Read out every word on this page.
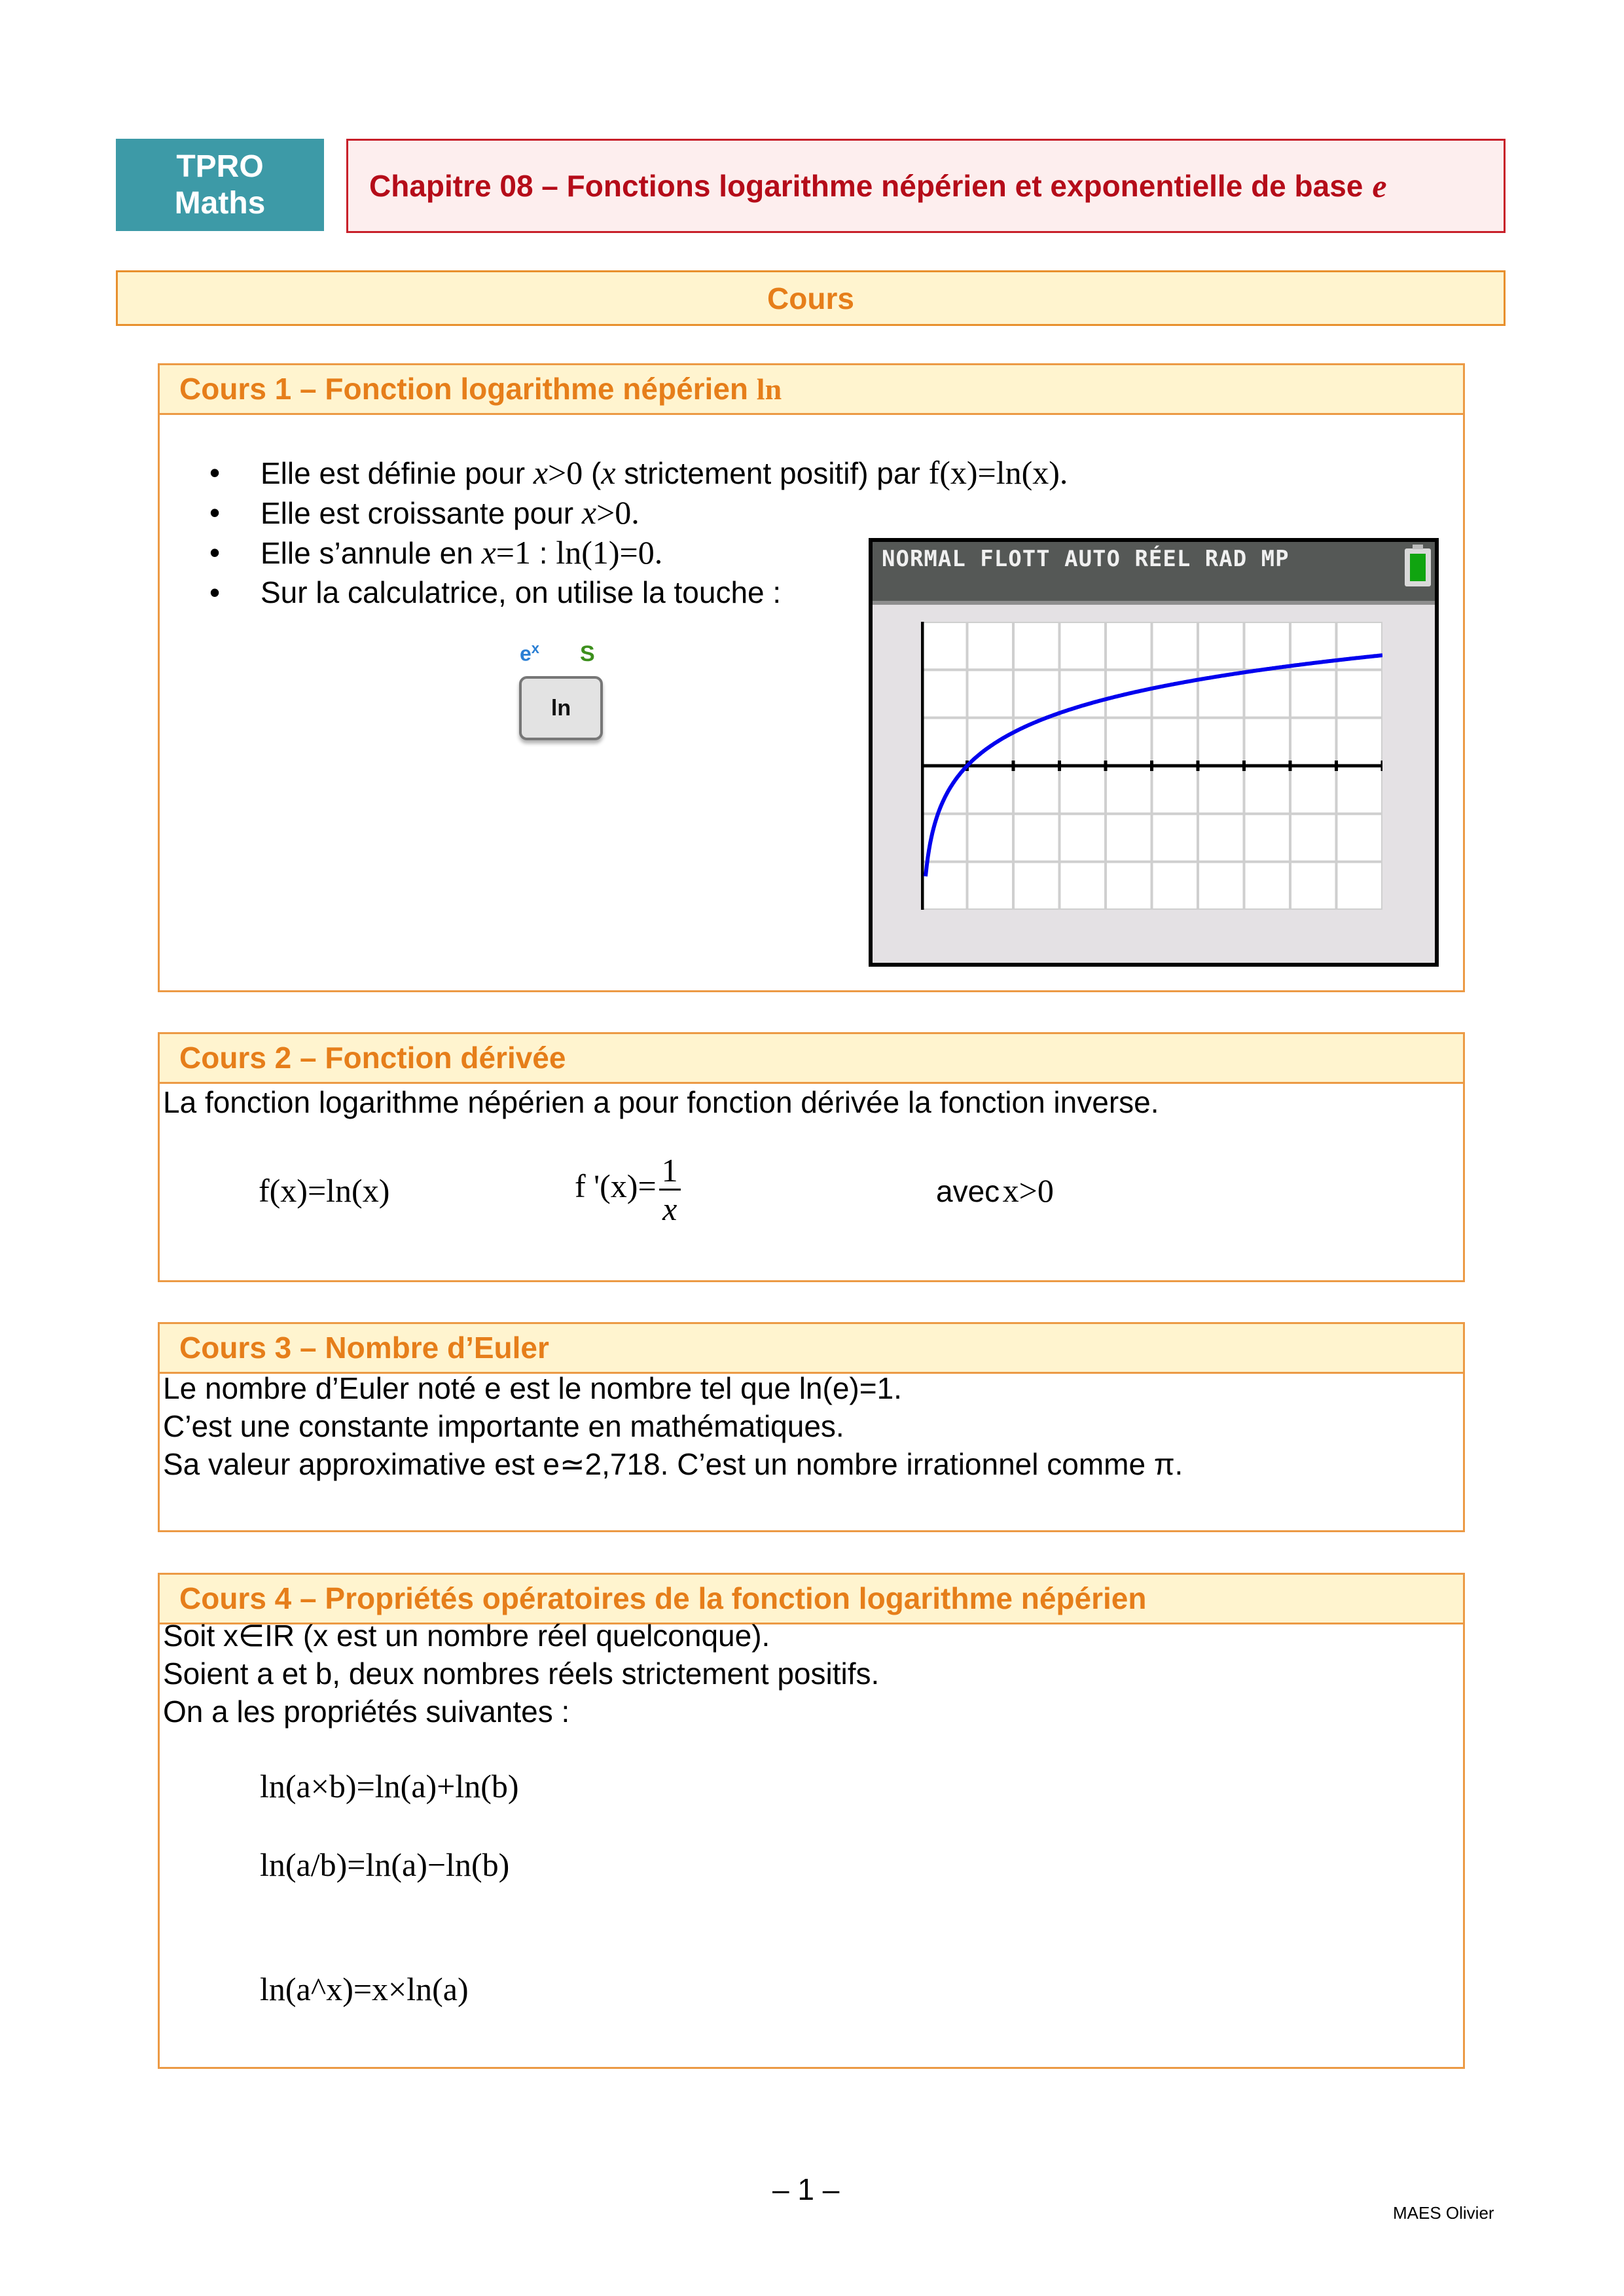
TPRO
Maths	Chapitre 08 – Fonctions logarithme népérien et exponentielle de base e
Cours
Cours 1 – Fonction logarithme népérien ln
• Elle est définie pour x>0 (x strictement positif) par f(x)=ln(x).
• Elle est croissante pour x>0.
• Elle s’annule en x=1 : ln(1)=0.
• Sur la calculatrice, on utilise la touche :
$e^x$ S
ln
NORMAL FLOTT AUTO RÉEL RAD MP
Cours 2 – Fonction dérivée
La fonction logarithme népérien a pour fonction dérivée la fonction inverse.
f(x)=ln(x)	f '$(x)= \frac{1}{x}$	avec x>0
Cours 3 – Nombre d’Euler
Le nombre d’Euler noté e est le nombre tel que ln(e)=1.
C’est une constante importante en mathématiques.
Sa valeur approximative est e≃2,718. C’est un nombre irrationnel comme π.
Cours 4 – Propriétés opératoires de la fonction logarithme népérien
Soit x∈IR (x est un nombre réel quelconque).
Soient a et b, deux nombres réels strictement positifs.
On a les propriétés suivantes :
ln(a×b)=ln(a)+ln(b)
ln(a/b)=ln(a)−ln(b)
ln(a^x)=x×ln(a)
– 1 –
MAES Olivier
